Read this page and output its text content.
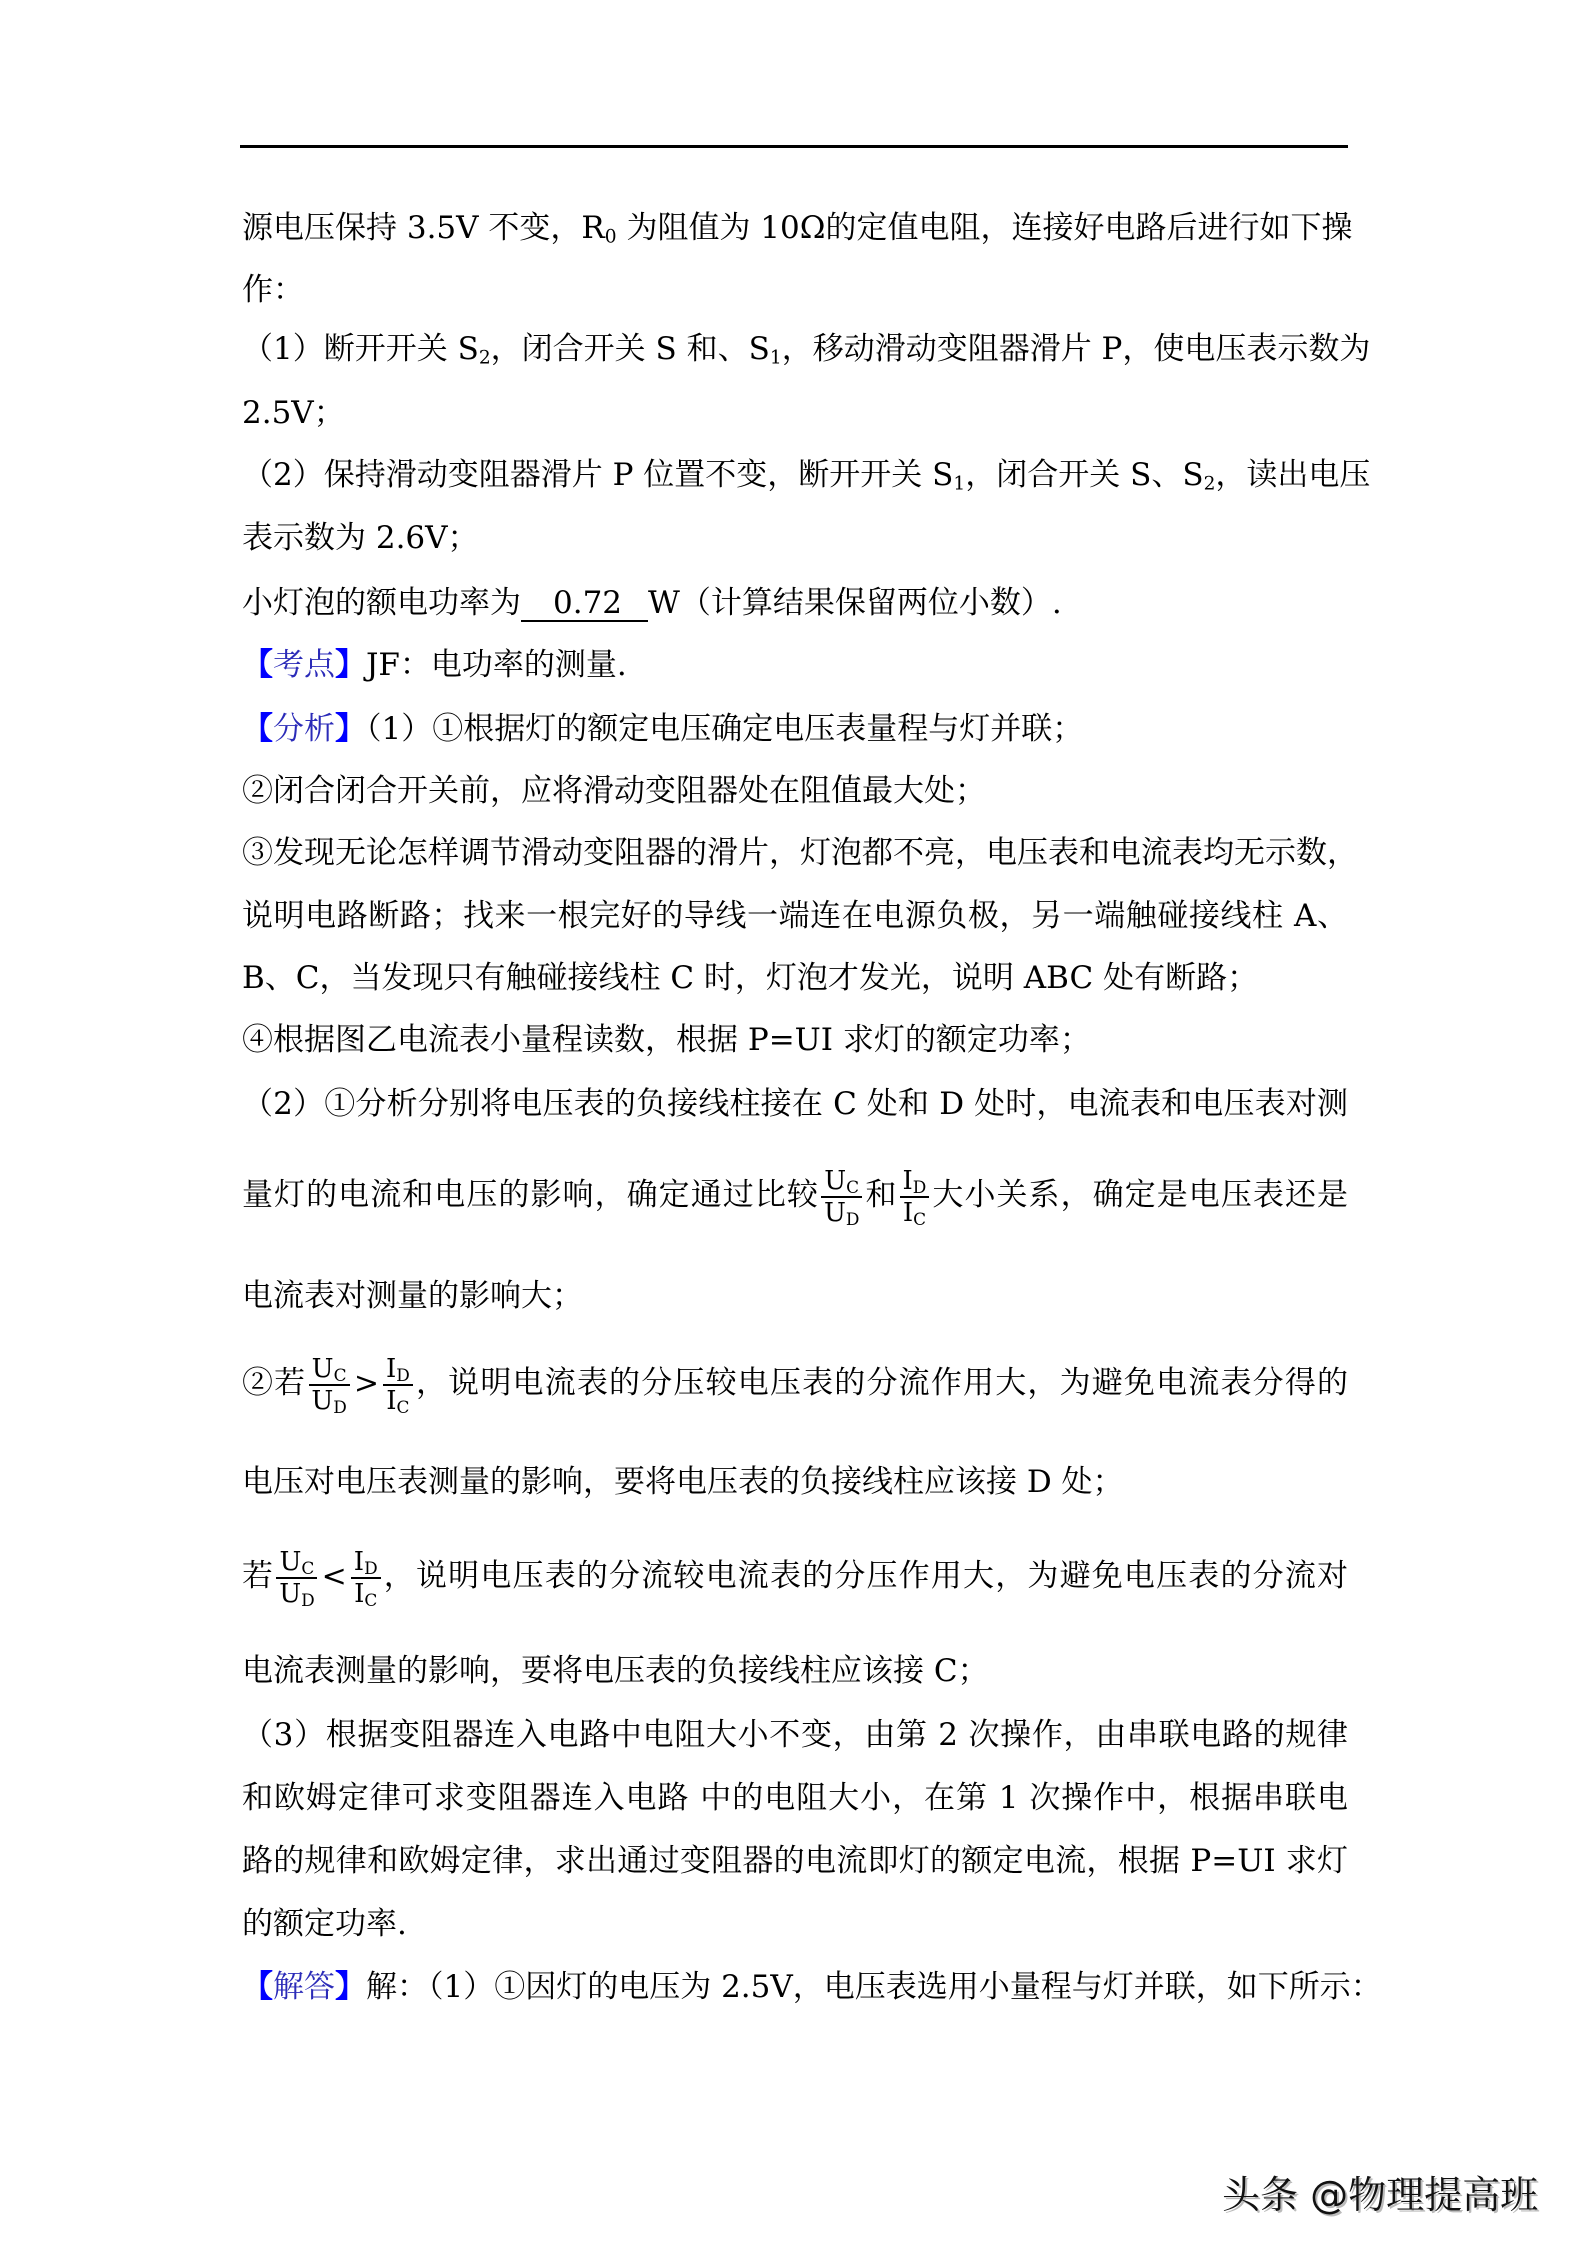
源电压保持 3.5V 不变，$R_0$ 为阻值为 10Ω的定值电阻，连接好电路后进行如下操
作：
（1）断开开关 $S_2$，闭合开关 S 和、$S_1$，移动滑动变阻器滑片 P，使电压表示数为
2.5V；
（2）保持滑动变阻器滑片 P 位置不变，断开开关 $S_1$，闭合开关 S、$S_2$，读出电压
表示数为 2.6V；
小灯泡的额电功率为 0.72 W（计算结果保留两位小数）.
【考点】JF：电功率的测量.
【分析】（1）①根据灯的额定电压确定电压表量程与灯并联；
②闭合闭合开关前，应将滑动变阻器处在阻值最大处；
③发现无论怎样调节滑动变阻器的滑片，灯泡都不亮，电压表和电流表均无示数，
说明电路断路；找来一根完好的导线一端连在电源负极，另一端触碰接线柱 A、
B、C，当发现只有触碰接线柱 C 时，灯泡才发光，说明 ABC 处有断路；
④根据图乙电流表小量程读数，根据 P=UI 求灯的额定功率；
（2）①分析分别将电压表的负接线柱接在 C 处和 D 处时，电流表和电压表对测
量灯的电流和电压的影响，确定通过比较 $\frac{U_C}{U_D}$ 和 $\frac{I_D}{I_C}$ 大小关系，确定是电压表还是
电流表对测量的影响大；
②若 $\frac{U_C}{U_D} > \frac{I_D}{I_C}$ ，说明电流表的分压较电压表的分流作用大，为避免电流表分得的
电压对电压表测量的影响，要将电压表的负接线柱应该接 D 处；
若 $\frac{U_C}{U_D} < \frac{I_D}{I_C}$ ，说明电压表的分流较电流表的分压作用大，为避免电压表的分流对
电流表测量的影响，要将电压表的负接线柱应该接 C；
（3）根据变阻器连入电路中电阻大小不变，由第 2 次操作，由串联电路的规律
和欧姆定律可求变阻器连入电路 中的电阻大小，在第 1 次操作中，根据串联电
路的规律和欧姆定律，求出通过变阻器的电流即灯的额定电流，根据 P=UI 求灯
的额定功率.
【解答】解：（1）①因灯的电压为 2.5V，电压表选用小量程与灯并联，如下所示：
头条 @物理提高班
